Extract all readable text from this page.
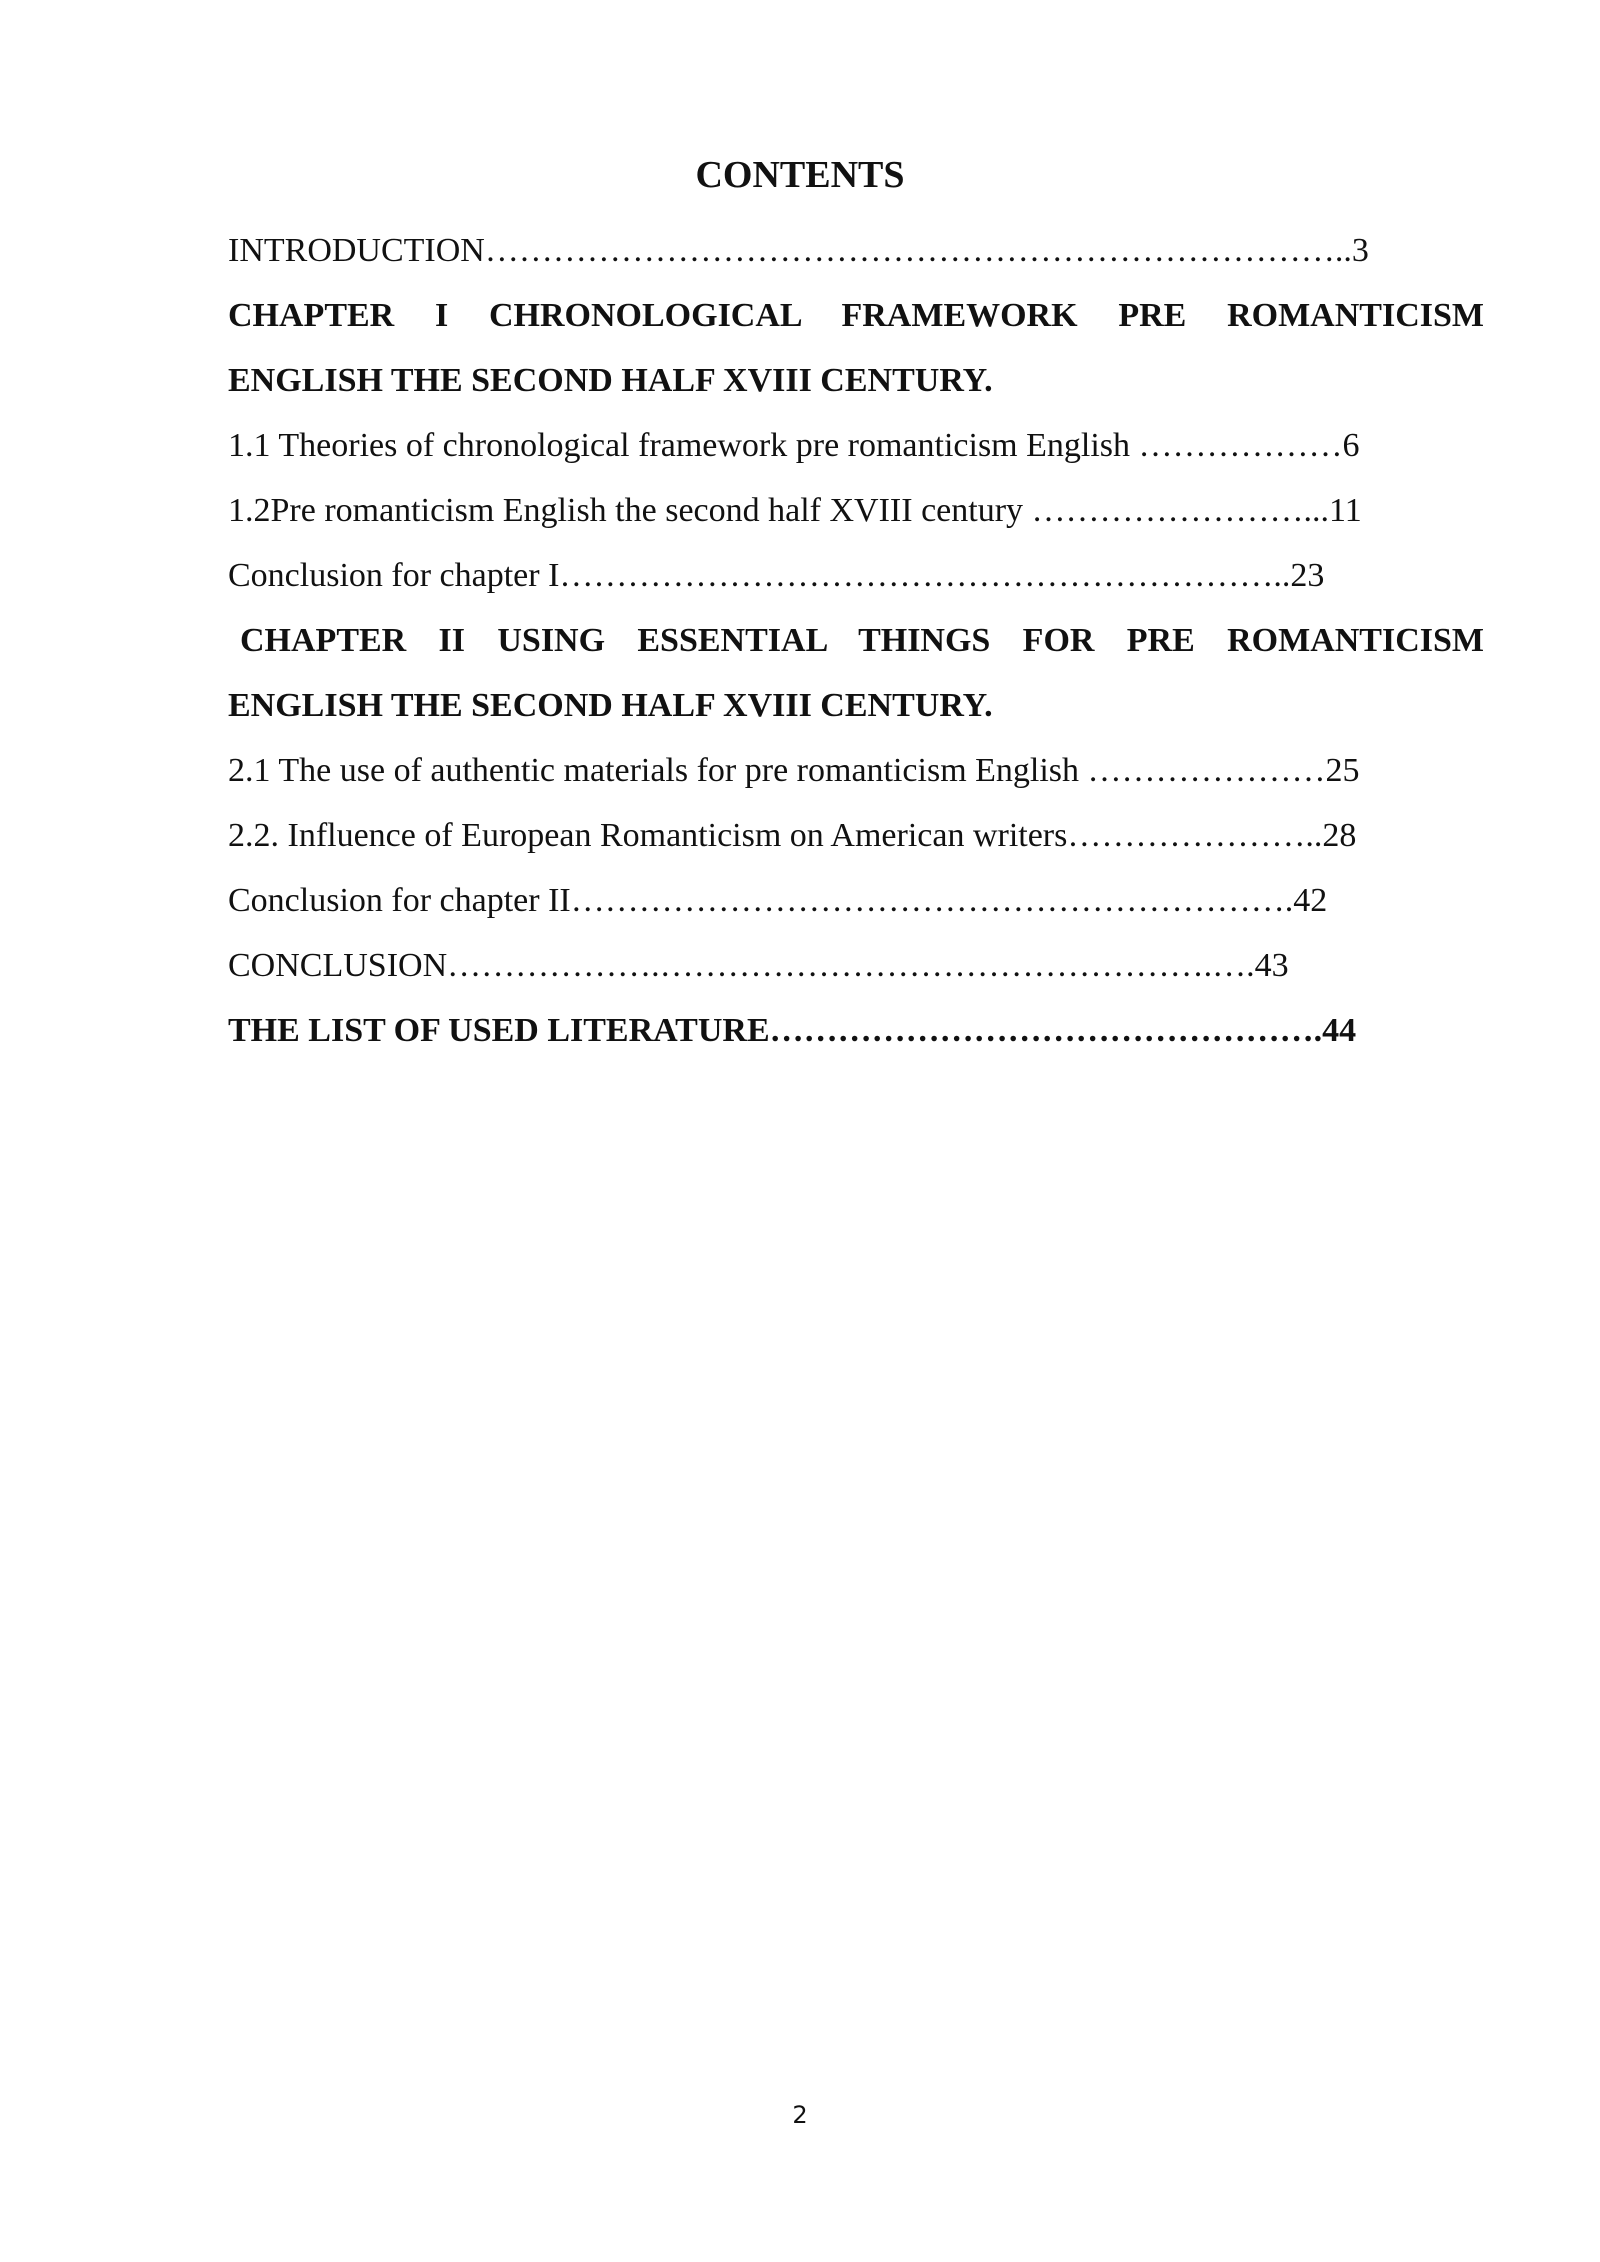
CONTENTS
INTRODUCTION…………………………………………………………………..3
CHAPTER I CHRONOLOGICAL FRAMEWORK PRE ROMANTICISM
ENGLISH THE SECOND HALF XVIII CENTURY.
1.1 Theories of chronological framework pre romanticism English ………………6
1.2Pre romanticism English the second half XVIII century ……………………...11
Conclusion for chapter I………………………………………………………..23
CHAPTER II USING ESSENTIAL THINGS FOR PRE ROMANTICISM
ENGLISH THE SECOND HALF XVIII CENTURY.
2.1 The use of authentic materials for pre romanticism English …………………25
2.2. Influence of European Romanticism on American writers…………………..28
Conclusion for chapter II……………………………………………………….42
CONCLUSION……………….………………………………………….….43
THE LIST OF USED LITERATURE………………………………………….44
2
